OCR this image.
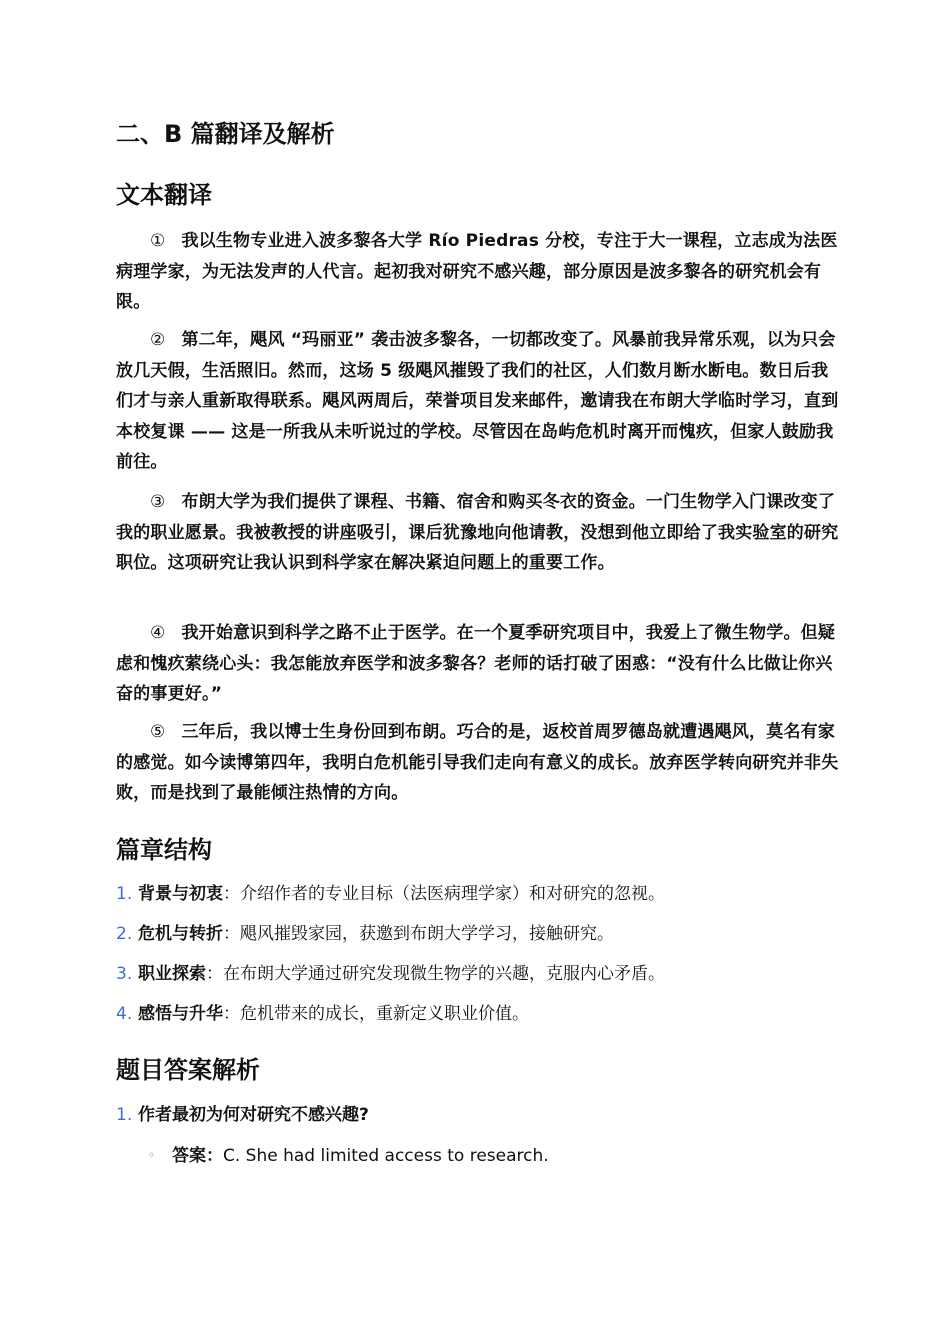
二、B 篇翻译及解析
文本翻译

① 我以生物专业进入波多黎各大学 Río Piedras 分校，专注于大一课程，立志成为法医病理学家，为无法发声的人代言。起初我对研究不感兴趣，部分原因是波多黎各的研究机会有限。

② 第二年，飓风 “玛丽亚” 袭击波多黎各，一切都改变了。风暴前我异常乐观，以为只会放几天假，生活照旧。然而，这场 5 级飓风摧毁了我们的社区，人们数月断水断电。数日后我们才与亲人重新取得联系。飓风两周后，荣誉项目发来邮件，邀请我在布朗大学临时学习，直到本校复课 —— 这是一所我从未听说过的学校。尽管因在岛屿危机时离开而愧疚，但家人鼓励我前往。

③ 布朗大学为我们提供了课程、书籍、宿舍和购买冬衣的资金。一门生物学入门课改变了我的职业愿景。我被教授的讲座吸引，课后犹豫地向他请教，没想到他立即给了我实验室的研究职位。这项研究让我认识到科学家在解决紧迫问题上的重要工作。

④ 我开始意识到科学之路不止于医学。在一个夏季研究项目中，我爱上了微生物学。但疑虑和愧疚萦绕心头：我怎能放弃医学和波多黎各？老师的话打破了困惑：“没有什么比做让你兴奋的事更好。”

⑤ 三年后，我以博士生身份回到布朗。巧合的是，返校首周罗德岛就遭遇飓风，莫名有家的感觉。如今读博第四年，我明白危机能引导我们走向有意义的成长。放弃医学转向研究并非失败，而是找到了最能倾注热情的方向。

篇章结构
1. 背景与初衷：介绍作者的专业目标（法医病理学家）和对研究的忽视。
2. 危机与转折：飓风摧毁家园，获邀到布朗大学学习，接触研究。
3. 职业探索：在布朗大学通过研究发现微生物学的兴趣，克服内心矛盾。
4. 感悟与升华：危机带来的成长，重新定义职业价值。
题目答案解析
1. 作者最初为何对研究不感兴趣?
◦ 答案：C. She had limited access to research.
